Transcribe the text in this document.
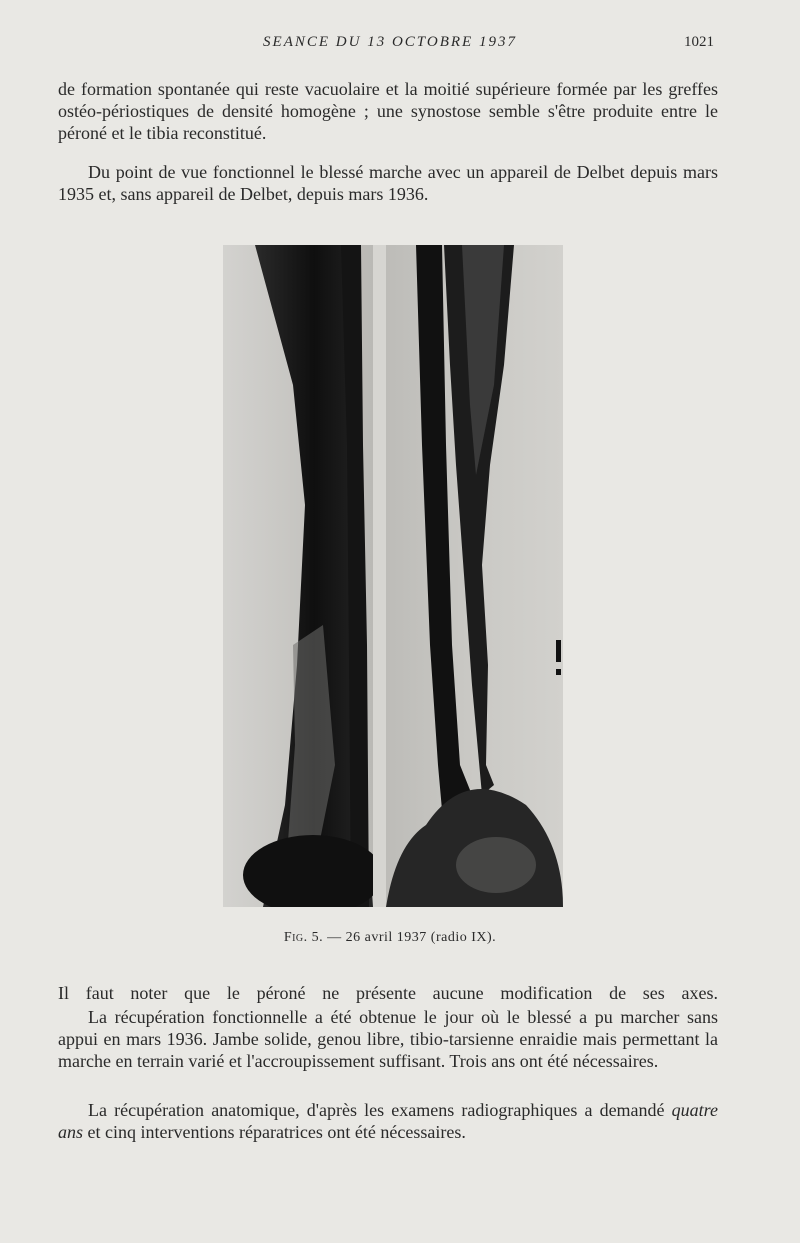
SEANCE DU 13 OCTOBRE 1937	1021

de formation spontanée qui reste vacuolaire et la moitié supérieure formée par les greffes ostéo-périostiques de densité homogène ; une synostose semble s'être produite entre le péroné et le tibia reconstitué.

Du point de vue fonctionnel le blessé marche avec un appareil de Delbet depuis mars 1935 et, sans appareil de Delbet, depuis mars 1936.

Fig. 5. — 26 avril 1937 (radio IX).

Il faut noter que le péroné ne présente aucune modification de ses axes.

La récupération fonctionnelle a été obtenue le jour où le blessé a pu marcher sans appui en mars 1936. Jambe solide, genou libre, tibio-tarsienne enraidie mais permettant la marche en terrain varié et l'accroupissement suffisant. Trois ans ont été nécessaires.

La récupération anatomique, d'après les examens radiographiques a demandé quatre ans et cinq interventions réparatrices ont été nécessaires.
